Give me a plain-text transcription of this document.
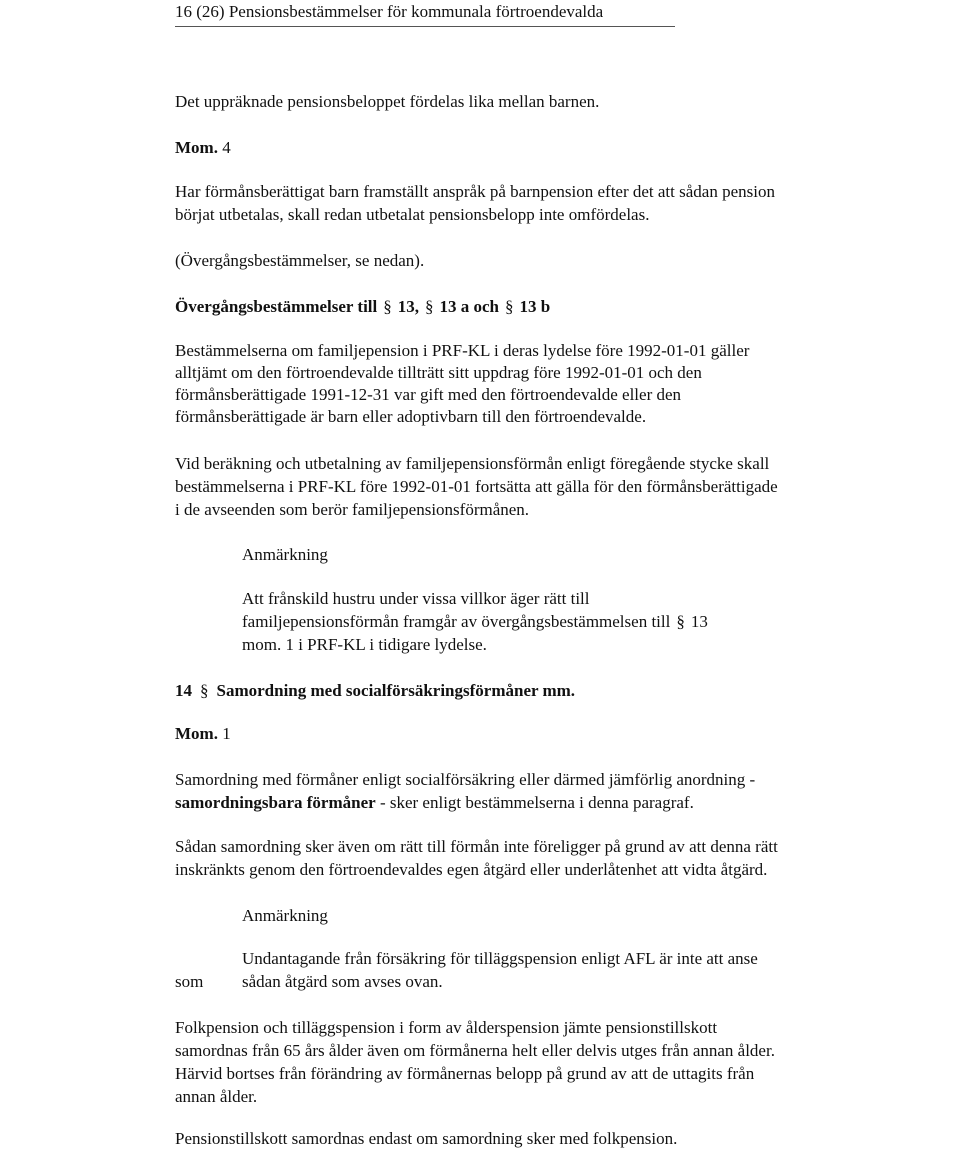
16 (26) Pensionsbestämmelser för kommunala förtroendevalda
Det uppräknade pensionsbeloppet fördelas lika mellan barnen.
Mom. 4
Har förmånsberättigat barn framställt anspråk på barnpension efter det att sådan pension
börjat utbetalas, skall redan utbetalat pensionsbelopp inte omfördelas.
(Övergångsbestämmelser, se nedan).
Övergångsbestämmelser till § 13, § 13 a och § 13 b
Bestämmelserna om familjepension i PRF-KL i deras lydelse före 1992-01-01 gäller
alltjämt om den förtroendevalde tillträtt sitt uppdrag före 1992-01-01 och den
förmånsberättigade 1991-12-31 var gift med den förtroendevalde eller den
förmånsberättigade är barn eller adoptivbarn till den förtroendevalde.
Vid beräkning och utbetalning av familjepensionsförmån enligt föregående stycke skall
bestämmelserna i PRF-KL före 1992-01-01 fortsätta att gälla för den förmånsberättigade
i de avseenden som berör familjepensionsförmånen.
Anmärkning
Att frånskild hustru under vissa villkor äger rätt till
familjepensionsförmån framgår av övergångsbestämmelsen till § 13
mom. 1 i PRF-KL i tidigare lydelse.
14 § Samordning med socialförsäkringsförmåner mm.
Mom. 1
Samordning med förmåner enligt socialförsäkring eller därmed jämförlig anordning -
samordningsbara förmåner - sker enligt bestämmelserna i denna paragraf.
Sådan samordning sker även om rätt till förmån inte föreligger på grund av att denna rätt
inskränkts genom den förtroendevaldes egen åtgärd eller underlåtenhet att vidta åtgärd.
Anmärkning
Undantagande från försäkring för tilläggspension enligt AFL är inte att anse
sådan åtgärd som avses ovan.
som
Folkpension och tilläggspension i form av ålderspension jämte pensionstillskott
samordnas från 65 års ålder även om förmånerna helt eller delvis utges från annan ålder.
Härvid bortses från förändring av förmånernas belopp på grund av att de uttagits från
annan ålder.
Pensionstillskott samordnas endast om samordning sker med folkpension.
